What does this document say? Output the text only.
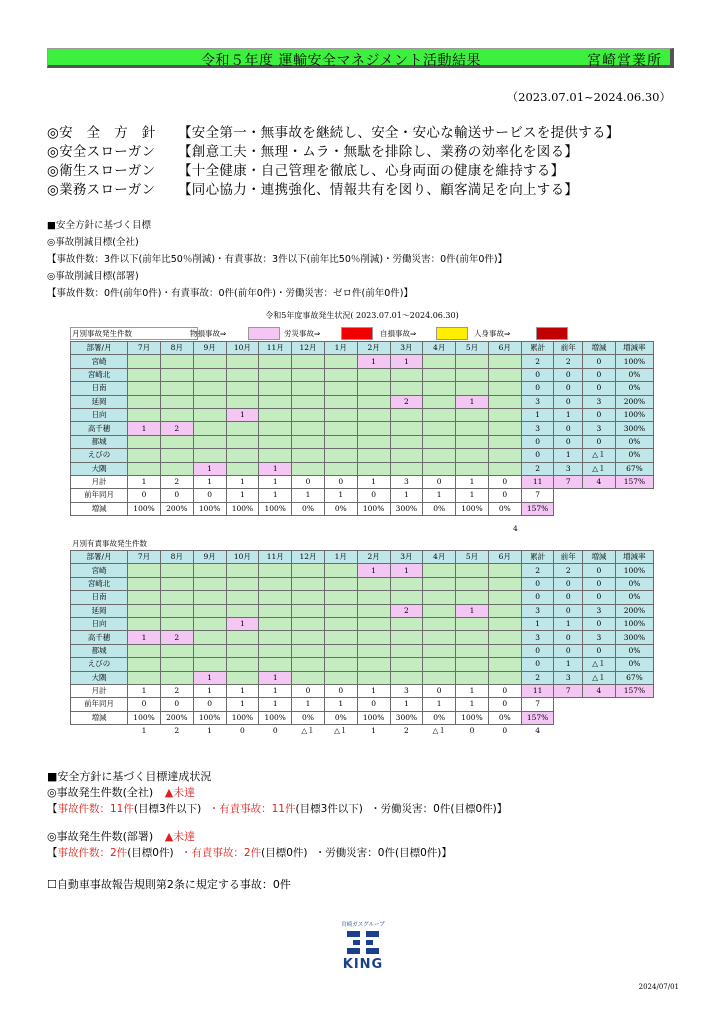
令和５年度 運輸安全マネジメント活動結果	宮崎営業所
（2023.07.01~2024.06.30）
◎安　全　方　針 【安全第一・無事故を継続し、安全・安心な輸送サービスを提供する】
◎安全スローガン 【創意工夫・無理・ムラ・無駄を排除し、業務の効率化を図る】
◎衛生スローガン 【十全健康・自己管理を徹底し、心身両面の健康を維持する】
◎業務スローガン 【同心協力・連携強化、情報共有を図り、顧客満足を向上する】
■安全方針に基づく目標
◎事故削減目標(全社)
【事故件数：3件以下(前年比50％削減)・有責事故：3件以下(前年比50％削減)・労働災害：0件(前年0件)】
◎事故削減目標(部署)
【事故件数：0件(前年0件)・有責事故：0件(前年0件)・労働災害：ゼロ件(前年0件)】
令和5年度事故発生状況( 2023.07.01～2024.06.30)
月別事故発生件数	物損事故⇒	労災事故⇒	自損事故⇒	人身事故⇒
部署/月	7月	8月	9月	10月	11月	12月	1月	2月	3月	4月	5月	6月	累計	前年	増減	増減率
宮崎								1	1				2	2	0	100%
宮崎北													0	0	0	0%
日南													0	0	0	0%
延岡									2		1		3	0	3	200%
日向				1									1	1	0	100%
高千穂	1	2											3	0	3	300%
都城													0	0	0	0%
えびの													0	1	△１	0%
大隅			1		1								2	3	△１	67%
月計	1	2	1	1	1	0	0	1	3	0	1	0	11	7	4	157%
前年同月	0	0	0	1	1	1	1	0	1	1	1	0	7			
増減	100%	200%	100%	100%	100%	0%	0%	100%	300%	0%	100%	0%	157%			
4
月別有責事故発生件数
部署/月	7月	8月	9月	10月	11月	12月	1月	2月	3月	4月	5月	6月	累計	前年	増減	増減率
宮崎								1	1				2	2	0	100%
宮崎北													0	0	0	0%
日南													0	0	0	0%
延岡									2		1		3	0	3	200%
日向				1									1	1	0	100%
高千穂	1	2											3	0	3	300%
都城													0	0	0	0%
えびの													0	1	△１	0%
大隅			1		1								2	3	△１	67%
月計	1	2	1	1	1	0	0	1	3	0	1	0	11	7	4	157%
前年同月	0	0	0	1	1	1	1	0	1	1	1	0	7			
増減	100%	200%	100%	100%	100%	0%	0%	100%	300%	0%	100%	0%	157%			
	1	2	1	0	0	△１	△１	1	2	△１	0	0	4			
■安全方針に基づく目標達成状況
◎事故発生件数(全社) ▲未達
【事故件数：11件(目標3件以下) ・有責事故：11件(目標3件以下) ・労働災害：0件(目標0件)】
◎事故発生件数(部署) ▲未達
【事故件数：2件(目標0件) ・有責事故：2件(目標0件) ・労働災害：0件(目標0件)】
☐自動車事故報告規則第2条に規定する事故：0件
宮崎ガスグループ
KING
2024/07/01
